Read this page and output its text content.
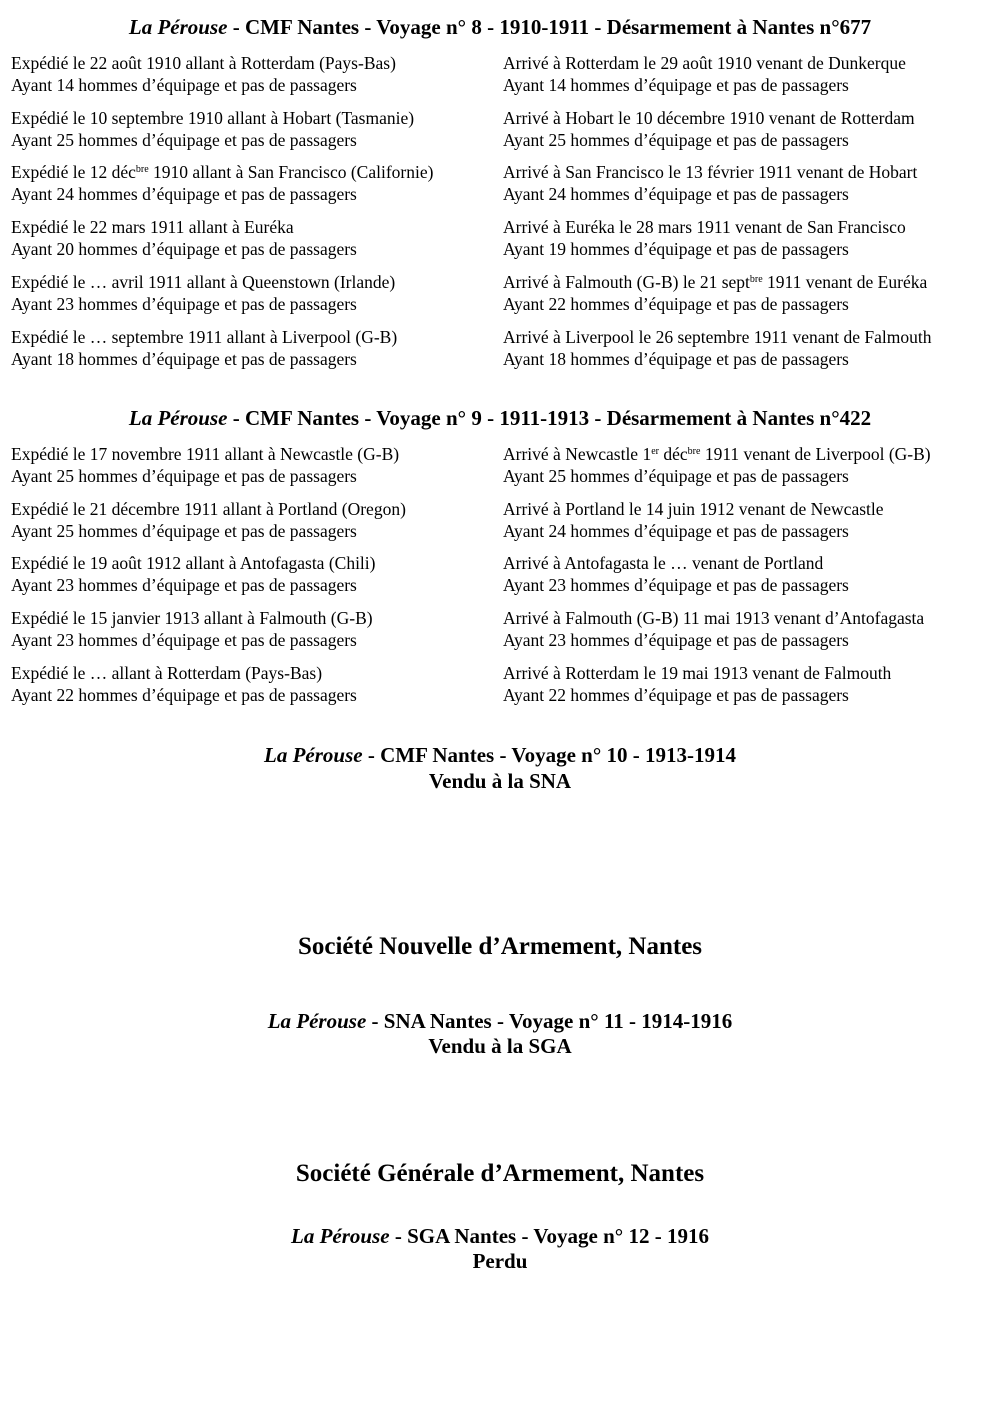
La Pérouse - CMF Nantes - Voyage n° 8 - 1910-1911 - Désarmement à Nantes n°677
Expédié le 22 août 1910 allant à Rotterdam (Pays-Bas)
Ayant 14 hommes d’équipage et pas de passagers
Arrivé à Rotterdam le 29 août 1910 venant de Dunkerque
Ayant 14 hommes d’équipage et pas de passagers
Expédié le 10 septembre 1910 allant à Hobart (Tasmanie)
Ayant 25 hommes d’équipage et pas de passagers
Arrivé à Hobart le 10 décembre 1910 venant de Rotterdam
Ayant 25 hommes d’équipage et pas de passagers
Expédié le 12 déc$^{bre}$ 1910 allant à San Francisco (Californie)
Ayant 24 hommes d’équipage et pas de passagers
Arrivé à San Francisco le 13 février 1911 venant de Hobart
Ayant 24 hommes d’équipage et pas de passagers
Expédié le 22 mars 1911 allant à Euréka
Ayant 20 hommes d’équipage et pas de passagers
Arrivé à Euréka le 28 mars 1911 venant de San Francisco
Ayant 19 hommes d’équipage et pas de passagers
Expédié le … avril 1911 allant à Queenstown (Irlande)
Ayant 23 hommes d’équipage et pas de passagers
Arrivé à Falmouth (G-B) le 21 sept$^{bre}$ 1911 venant de Euréka
Ayant 22 hommes d’équipage et pas de passagers
Expédié le … septembre 1911 allant à Liverpool (G-B)
Ayant 18 hommes d’équipage et pas de passagers
Arrivé à Liverpool le 26 septembre 1911 venant de Falmouth
Ayant 18 hommes d’équipage et pas de passagers
La Pérouse - CMF Nantes - Voyage n° 9 - 1911-1913 - Désarmement à Nantes n°422
Expédié le 17 novembre 1911 allant à Newcastle (G-B)
Ayant 25 hommes d’équipage et pas de passagers
Arrivé à Newcastle 1er déc$^{bre}$ 1911 venant de Liverpool (G-B)
Ayant 25 hommes d’équipage et pas de passagers
Expédié le 21 décembre 1911 allant à Portland (Oregon)
Ayant 25 hommes d’équipage et pas de passagers
Arrivé à Portland le 14 juin 1912 venant de Newcastle
Ayant 24 hommes d’équipage et pas de passagers
Expédié le 19 août 1912 allant à Antofagasta (Chili)
Ayant 23 hommes d’équipage et pas de passagers
Arrivé à Antofagasta le … venant de Portland
Ayant 23 hommes d’équipage et pas de passagers
Expédié le 15 janvier 1913 allant à Falmouth (G-B)
Ayant 23 hommes d’équipage et pas de passagers
Arrivé à Falmouth (G-B) 11 mai 1913 venant d’Antofagasta
Ayant 23 hommes d’équipage et pas de passagers
Expédié le … allant à Rotterdam (Pays-Bas)
Ayant 22 hommes d’équipage et pas de passagers
Arrivé à Rotterdam le 19 mai 1913 venant de Falmouth
Ayant 22 hommes d’équipage et pas de passagers
La Pérouse - CMF Nantes - Voyage n° 10 - 1913-1914
Vendu à la SNA
Société Nouvelle d’Armement, Nantes
La Pérouse - SNA Nantes - Voyage n° 11 - 1914-1916
Vendu à la SGA
Société Générale d’Armement, Nantes
La Pérouse - SGA Nantes - Voyage n° 12 - 1916
Perdu
